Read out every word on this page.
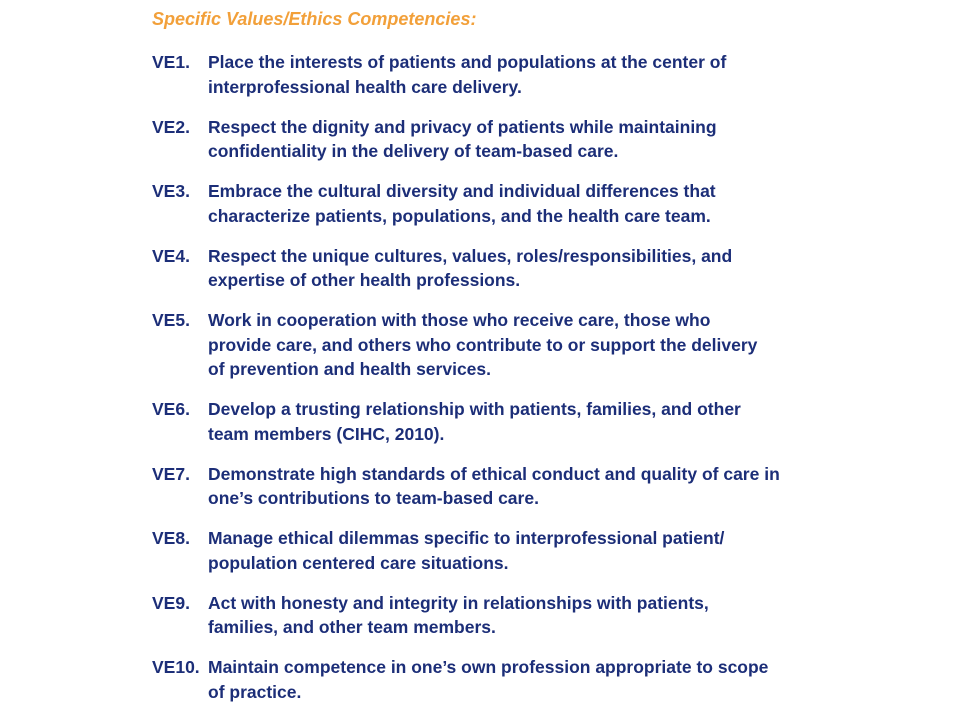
Specific Values/Ethics Competencies:
VE1.	Place the interests of patients and populations at the center of
interprofessional health care delivery.
VE2.	Respect the dignity and privacy of patients while maintaining
confidentiality in the delivery of team-based care.
VE3.	Embrace the cultural diversity and individual differences that
characterize patients, populations, and the health care team.
VE4.	Respect the unique cultures, values, roles/responsibilities, and
expertise of other health professions.
VE5.	Work in cooperation with those who receive care, those who
provide care, and others who contribute to or support the delivery
of prevention and health services.
VE6.	Develop a trusting relationship with patients, families, and other
team members (CIHC, 2010).
VE7.	Demonstrate high standards of ethical conduct and quality of care in
one’s contributions to team-based care.
VE8.	Manage ethical dilemmas specific to interprofessional patient/
population centered care situations.
VE9.	Act with honesty and integrity in relationships with patients,
families, and other team members.
VE10. Maintain competence in one’s own profession appropriate to scope
of practice.
